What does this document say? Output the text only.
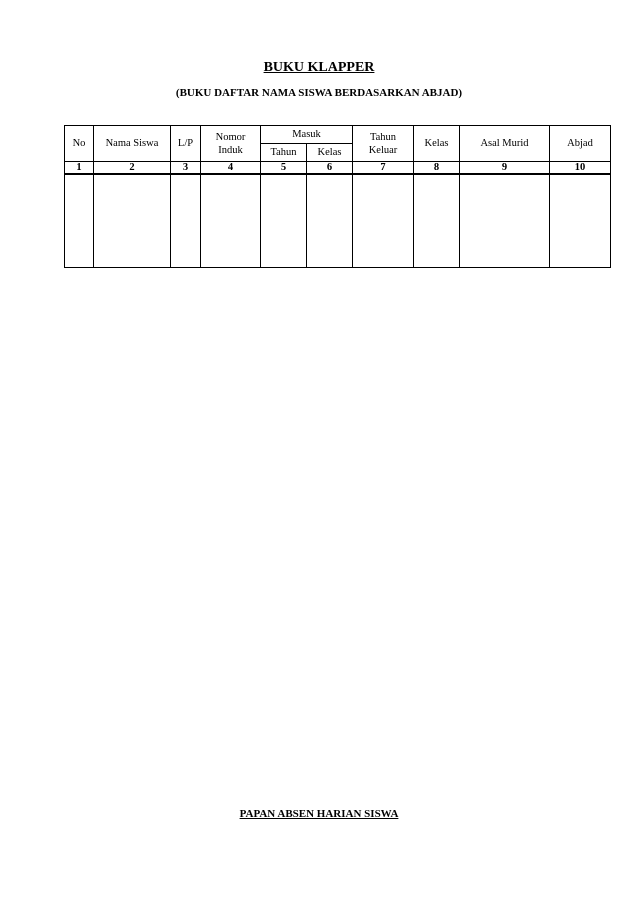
BUKU KLAPPER
(BUKU DAFTAR NAMA SISWA BERDASARKAN ABJAD)
No	Nama Siswa	L/P	Nomor Induk	Masuk		Tahun Keluar	Kelas	Asal Murid	Abjad
				Tahun	Kelas				
1	2	3	4	5	6	7	8	9	10

PAPAN ABSEN HARIAN SISWA
